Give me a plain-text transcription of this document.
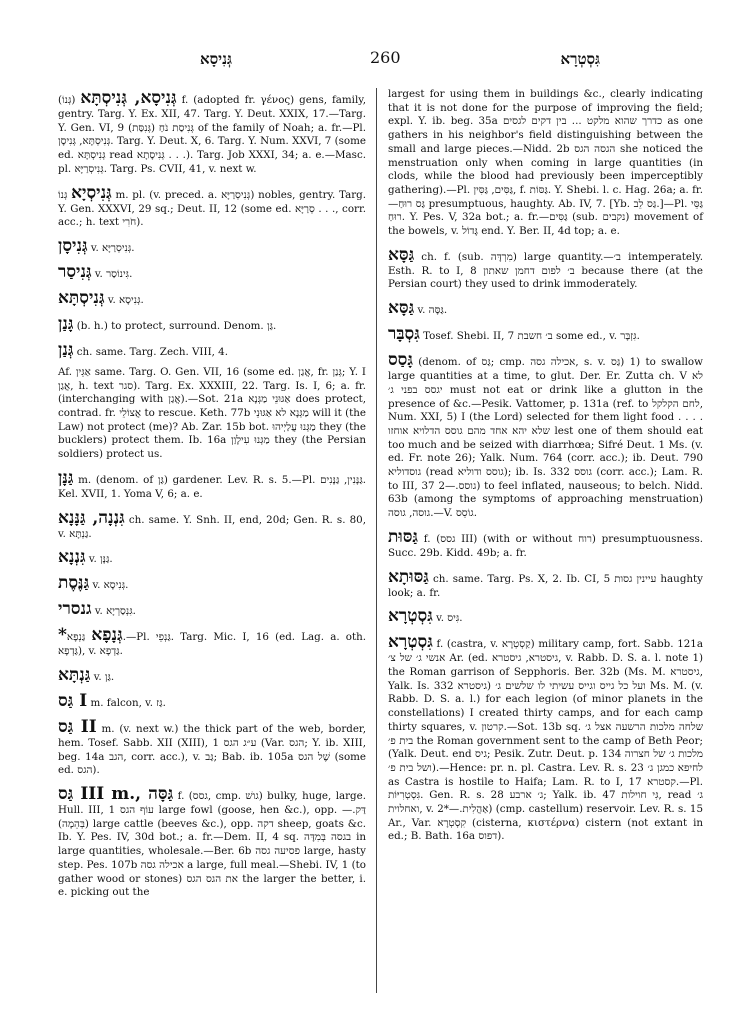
גְּנִיסָא	260	גִּסְטְרָא

גְּנִיסָא, גְּנִיסְתָּא (גְּנוֹ) f. (adopted fr. γένος) gens, family, gentry. Targ. Y. Ex. XII, 47. Targ. Y. Deut. XXIX, 17.—Targ. Y. Gen. VI, 9 גְּנִיסַת נֹחַ (גְּנִסַּת) of the family of Noah; a. fr.—Pl. גְּנִיסְתָּא, גְּנִיסָן. Targ. Y. Deut. X, 6. Targ. Y. Num. XXVI, 7 (some ed. גְּנִיסְתָּא read גְּנִיסָתָא . . .). Targ. Job XXXI, 34; a. e.—Masc. pl. גְּנִיסְרַיָּא. Targ. Ps. CVII, 41, v. next w.

גְּנִיסְיָא גְּנוֹ m. pl. (v. preced. a. גְּנִיסְרַיָּא) nobles, gentry. Targ. Y. Gen. XXXVI, 29 sq.; Deut. II, 12 (some ed. סְרַיָּא . . ., corr. acc.; h. text חֹרִי).

גְּנִיסָן v. גְּנִיסְרַיָּא.

גְּנִיסַר v. גִּינוֹסַר.

גְּנִיסְתָּא v. גְּנִיסָא.

גָּנַן (b. h.) to protect, surround. Denom. גַּן.

גְּנַן ch. same. Targ. Zech. VIII, 4.

Af. אַגֵּין same. Targ. O. Gen. VII, 16 (some ed. אֲגַן, fr. גְּנַן; Y. I אֲגַן, h. text סגר). Targ. Ex. XXXIII, 22. Targ. Is. I, 6; a. fr. (interchanging with אֲגַן).—Sot. 21a אַגּוּנֵי מַגְּנָא does protect, contrad. fr. אֲצוֹלֵי to rescue. Keth. 77b מַגְּנָא לא אַגּוּנֵי will it (the Law) not protect (me)? Ab. Zar. 15b bot. מַגְּנוּ עֲלַיְיהוּ they (the bucklers) protect them. Ib. 16a מַגְּנוּ עִילָוַן they (the Persian soldiers) protect us.

גַּנָּן m. (denom. of גַּן) gardener. Lev. R. s. 5.—Pl. גַּנָּנִין, גַּנָּנִים. Kel. XVII, 1. Yoma V, 6; a. e.

גִּנְנָה, גַּנָּנָא ch. same. Y. Snh. II, end, 20d; Gen. R. s. 80, v. גַּנְתָּא.

גִּנְנָא v. גַּנָּן.

גַּנֶּסֶת v. גְּנִיסָא.

גנסרי v. גִּנְסַרְיָא.

*גְּנָפָא גַּנְפָא.—Pl. גַּנְפֵי. Targ. Mic. I, 16 (ed. Lag. a. oth. גַּדְפָא), v. גַּדְפָא.

גַּנְתָּא v. גַּן.

גַּס I m. falcon, v. גַּז.

גַּס II m. (v. next w.) the thick part of the web, border, hem. Tosef. Sabb. XII (XIII), 1 ע״ג הגס (Var. הגס; Y. ib. XIII, beg. 14a הגב, corr. acc.), v. גַּב; Bab. ib. 105a שֶׁל הגס (some ed. הגס).

גַּס III m., גַּסָּה f. (גסס, cmp. גושׁ) bulky, huge, large. Hull. III, 1 עוֹף הגס large fowl (goose, hen &c.), opp. דַּק.—(בְּהֵמָה) large cattle (beeves &c.), opp. דקה sheep, goats &c. Ib. Y. Pes. IV, 30d bot.; a. fr.—Dem. II, 4 sq. בגסה בְּמִדָּה in large quantities, wholesale.—Ber. 6b פסיעה גסה large, hasty step. Pes. 107b אכילה גסה a large, full meal.—Shebi. IV, 1 (to gather wood or stones) את הגס הגס the larger the better, i. e. picking out the

largest for using them in buildings &c., clearly indicating that it is not done for the purpose of improving the field; expl. Y. ib. beg. 35a כדרך שהוא מלקט ... בין דקים לגסים as one gathers in his neighbor's field distinguishing between the small and large pieces.—Nidd. 2b הגסה הגס she noticed the menstruation only when coming in large quantities (in clods, while the blood had previously been imperceptibly gathering).—Pl. גַּסִּים, גַּסִּין, f. גַּסּוֹת. Y. Shebi. l. c. Hag. 26a; a. fr.—גַּס רוּחַ presumptuous, haughty. Ab. IV, 7. [Yb. גַּס לֵב.]—Pl. גַּסֵּי רוּחַ. Y. Pes. V, 32a bot.; a. fr.—גַּסִּים (sub. נקבים) movement of the bowels, v. גָּדוֹל end. Y. Ber. II, 4d top; a. e.

גַּסָּא ch. f. (sub. מִרְדָּה) large quantity.—ב׳ intemperately. Esth. R. to I, 8 ב׳ לפום דחמן שאתון because there (at the Persian court) they used to drink immoderately.

גַּסָּא v. גַּסָּה.

גִּסְבָּר Tosef. Shebi. II, 7 ב׳ חשבת some ed., v. גִּזְבָּר.

גָּסַס (denom. of גַּס; cmp. אכילה גסה, s. v. גַּס) 1) to swallow large quantities at a time, to glut. Der. Er. Zutta ch. V לא יגסס בפני ג׳ must not eat or drink like a glutton in the presence of &c.—Pesik. Vattomer, p. 131a (ref. to לחם הקלקל, Num. XXI, 5) I (the Lord) selected for them light food . . . . שלא יהא אחד מהם גוסס הדלויא אוחזו lest one of them should eat too much and be seized with diarrhœa; Sifré Deut. 1 Ms. (v. ed. Fr. note 26); Yalk. Num. 764 (corr. acc.); ib. Deut. 790 גוסדוליא (read גוסס ודוליא); ib. Is. 332 גוסס (corr. acc.); Lam. R. to III, 37 גוסס.—2) to feel inflated, nauseous; to belch. Nidd. 63b (among the symptoms of approaching menstruation) גוסה, גוסה.—V. גוֹסֵס.

גַּסּוּת f. (גסס III) (with or without רוח) presumptuousness. Succ. 29b. Kidd. 49b; a. fr.

גַּסּוּתָא ch. same. Targ. Ps. X, 2. Ib. CI, 5 עיינין גסות haughty look; a. fr.

גִּסְטְרָא v. גִּיס.

גִּסְטְרָא f. (castra, v. קַסְטְרָא) military camp, fort. Sabb. 121a אנשי ג׳ של צ׳ Ar. (ed. גיסטרא, גיסטרא, v. Rabb. D. S. a. l. note 1) the Roman garrison of Sepphoris. Ber. 32b (Ms. M. גיסטרא, Yalk. Is. 332 גיסטרא) ועל כל גייס וגייס עשיתי לו שלשים ג׳ Ms. M. (v. Rabb. D. S. a. l.) for each legion (of minor planets in the constellations) I created thirty camps, and for each camp thirty squares, v. קרטון.—Sot. 13b sq. שלחה מלכות הרשעה אצל ג׳ בית פ׳ the Roman government sent to the camp of Beth Peor; (Yalk. Deut. end גיס; Pesik. Zutr. Deut. p. 134 מלכות ג׳ של חצרוה ושל בית פ׳).—Hence: pr. n. pl. Castra. Lev. R. s. 23 לחיפא כמגן ג׳ as Castra is hostile to Haifa; Lam. R. to I, 17 קסטרא.—Pl. גִּסְטְרִיּוֹת. Gen. R. s. 28 ג׳ ארבע; Yalk. ib. 47 גִּי חוילות, read ג׳ ואחלוית, v. אַהֲלִית.—*2) (cmp. castellum) reservoir. Lev. R. s. 15 Ar., Var. קִסְטְרָא (cisterna, κιστέρνα) cistern (not extant in ed.; B. Bath. 16a דפוס).
